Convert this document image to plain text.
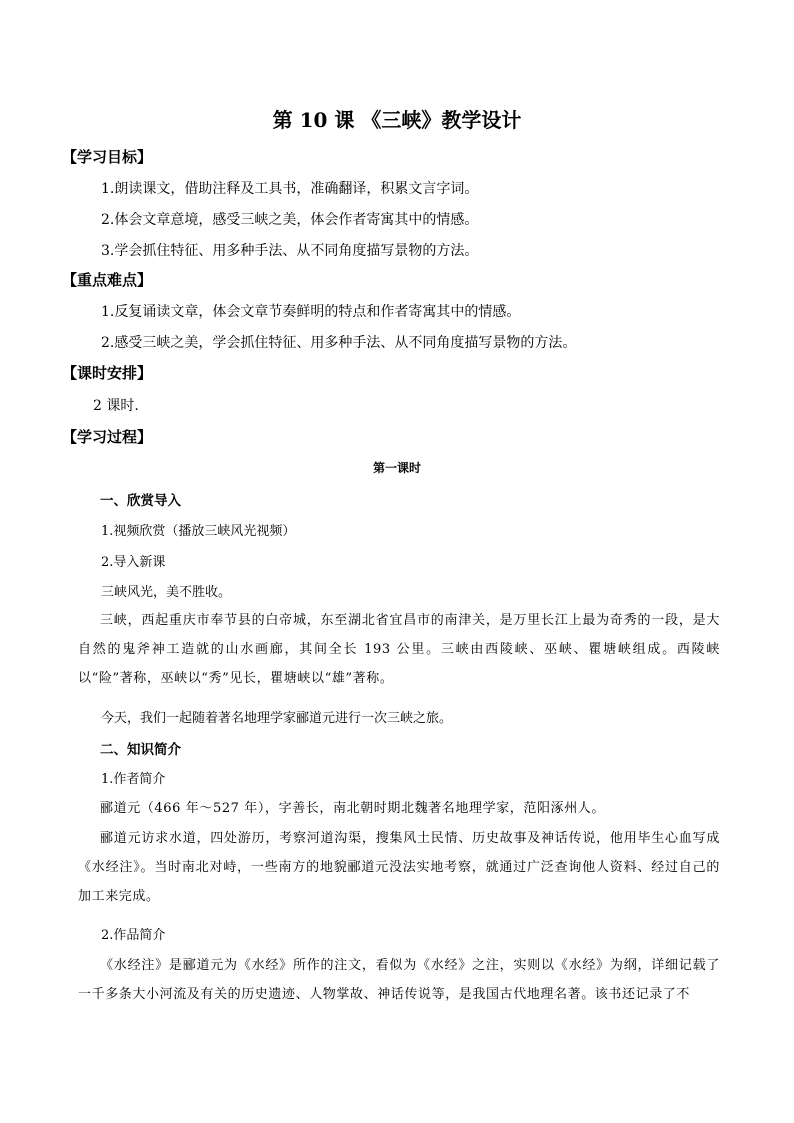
第 10 课 《三峡》教学设计
【学习目标】
1.朗读课文，借助注释及工具书，准确翻译，积累文言字词。
2.体会文章意境，感受三峡之美，体会作者寄寓其中的情感。
3.学会抓住特征、用多种手法、从不同角度描写景物的方法。
【重点难点】
1.反复诵读文章，体会文章节奏鲜明的特点和作者寄寓其中的情感。
2.感受三峡之美，学会抓住特征、用多种手法、从不同角度描写景物的方法。
【课时安排】
2 课时.
【学习过程】
第一课时
一、欣赏导入
1.视频欣赏（播放三峡风光视频）
2.导入新课
三峡风光，美不胜收。
三峡，西起重庆市奉节县的白帝城，东至湖北省宜昌市的南津关，是万里长江上最为奇秀的一段，是大自然的鬼斧神工造就的山水画廊，其间全长 193 公里。三峡由西陵峡、巫峡、瞿塘峡组成。西陵峡以“险”著称，巫峡以“秀”见长，瞿塘峡以“雄”著称。
今天，我们一起随着著名地理学家郦道元进行一次三峡之旅。
二、知识简介
1.作者简介
郦道元（466 年～527 年），字善长，南北朝时期北魏著名地理学家，范阳涿州人。
郦道元访求水道，四处游历，考察河道沟渠，搜集风土民情、历史故事及神话传说，他用毕生心血写成 《水经注》。当时南北对峙，一些南方的地貌郦道元没法实地考察，就通过广泛查询他人资料、经过自己的加工来完成。
2.作品简介
《水经注》是郦道元为《水经》所作的注文，看似为《水经》之注，实则以《水经》为纲，详细记载了一千多条大小河流及有关的历史遗迹、人物掌故、神话传说等，是我国古代地理名著。该书还记录了不
